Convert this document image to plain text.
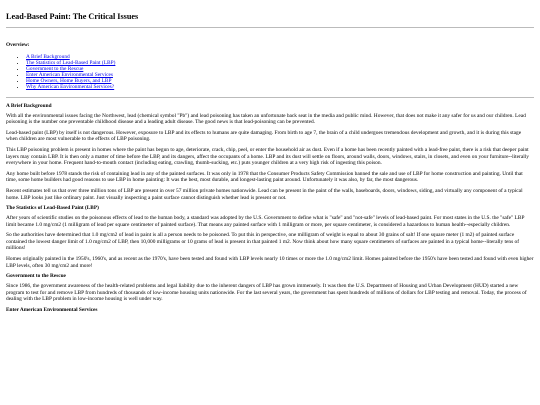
Lead-Based Paint: The Critical Issues
Overview:
• A Brief Background
• The Statistics of Lead-Based Paint (LBP)
• Government to the Rescue
• Enter American Environmental Services
• Home Owners, Home Buyers, and LBP
• Why American Environmental Services?
A Brief Background

With all the environmental issues facing the Northwest, lead (chemical symbol "Pb") and lead poisoning has taken an unfortunate back seat in the media and public mind. However, that does not make it any safer for us and our children. Lead poisoning is the number one preventable childhood disease and a leading adult disease. The good news is that lead-poisoning can be prevented.

Lead-based paint (LBP) by itself is not dangerous. However, exposure to LBP and its effects to humans are quite damaging. From birth to age 7, the brain of a child undergoes tremendous development and growth, and it is during this stage when children are most vulnerable to the effects of LBP poisoning.

This LBP poisoning problem is present in homes where the paint has begun to age, deteriorate, crack, chip, peel, or enter the household air as dust. Even if a home has been recently painted with a lead-free paint, there is a risk that deeper paint layers may contain LBP. It is then only a matter of time before the LBP, and its dangers, affect the occupants of a home. LBP and its dust will settle on floors, around walls, doors, windows, stairs, in closets, and even on your furniture--literally everywhere in your home. Frequent hand-to-mouth contact (including eating, crawling, thumb-sucking, etc.) puts younger children at a very high risk of ingesting this poison.

Any home built before 1978 stands the risk of containing lead in any of the painted surfaces. It was only in 1978 that the Consumer Products Safety Commission banned the sale and use of LBP for home construction and painting. Until that time, some home builders had good reasons to use LBP in home painting: It was the best, most durable, and longest-lasting paint around. Unfortunately it was also, by far, the most dangerous.

Recent estimates tell us that over three million tons of LBP are present in over 57 million private homes nationwide. Lead can be present in the paint of the walls, baseboards, doors, windows, siding, and virtually any component of a typical home. LBP looks just like ordinary paint. Just visually inspecting a paint surface cannot distinguish whether lead is present or not.

The Statistics of Lead-Based Paint (LBP)

After years of scientific studies on the poisonous effects of lead to the human body, a standard was adopted by the U.S. Government to define what is "safe" and "not-safe" levels of lead-based paint. For most states in the U.S. the "safe" LBP limit became 1.0 mg/cm2 (1 milligram of lead per square centimeter of painted surface). That means any painted surface with 1 milligram or more, per square centimeter, is considered a hazardous to human health--especially children.

So the authorities have determined that 1.0 mg/cm2 of lead in paint is all a person needs to be poisoned. To put this in perspective, one milligram of weight is equal to about 30 grains of salt! If one square meter (1 m2) of painted surface contained the lowest danger limit of 1.0 mg/cm2 of LBP, then 10,000 milligrams or 10 grams of lead is present in that painted 1 m2. Now think about how many square centimeters of surfaces are painted in a typical home--literally tens of millions!

Homes originally painted in the 1950's, 1960's, and as recent as the 1970's, have been tested and found with LBP levels nearly 10 times or more the 1.0 mg/cm2 limit. Homes painted before the 1950's have been tested and found with even higher LBP levels, often 30 mg/cm2 and more!

Government to the Rescue

Since 1986, the government awareness of the health-related problems and legal liability due to the inherent dangers of LBP has grown immensely. It was then the U.S. Department of Housing and Urban Development (HUD) started a new program to test for and remove LBP from hundreds of thousands of low-income housing units nationwide. For the last several years, the government has spent hundreds of millions of dollars for LBP testing and removal. Today, the process of dealing with the LBP problem in low-income housing is well under way.

Enter American Environmental Services
